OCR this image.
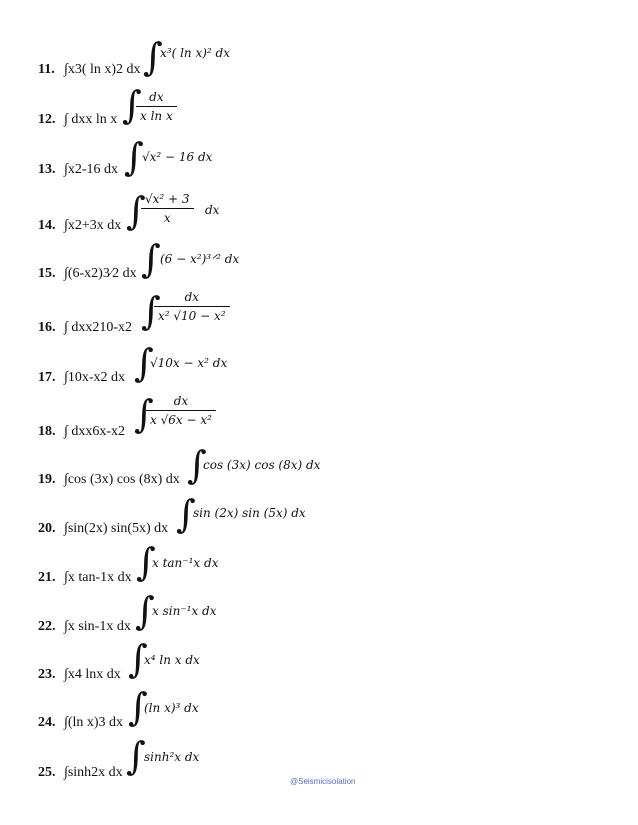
11. ∫x3( ln x)2 dx ∫
x³( ln x)² dx
12. ∫ dxx ln x ∫
$\frac{dx}{\text{x ln x}}$
13. ∫x2-16 dx ∫
√x² − 16 dx
14. ∫x2+3x dx ∫
$\frac{\text{√x² + 3}}{x}$ dx
15. ∫(6-x2)3⁄2 dx ∫ (6 − x²)³ᐟ² dx
16. ∫ dxx210-x2 ∫
$\frac{dx}{\text{x² √10 − x²}}$
17. ∫10x-x2 dx ∫
√10x − x² dx
18. ∫ dxx6x-x2 ∫
$\frac{dx}{\text{x √6x − x²}}$
19. ∫cos (3x) cos (8x) dx ∫
cos (3x) cos (8x) dx
20. ∫sin(2x) sin(5x) dx ∫
sin (2x) sin (5x) dx
21. ∫x tan-1x dx ∫
x tan⁻¹x dx
22. ∫x sin-1x dx ∫
x sin⁻¹x dx
23. ∫x4 lnx dx ∫
x⁴ ln x dx
24. ∫(ln x)3 dx ∫
(ln x)³ dx
25. ∫sinh2x dx ∫
sinh²x dx
@Seismicisolation
